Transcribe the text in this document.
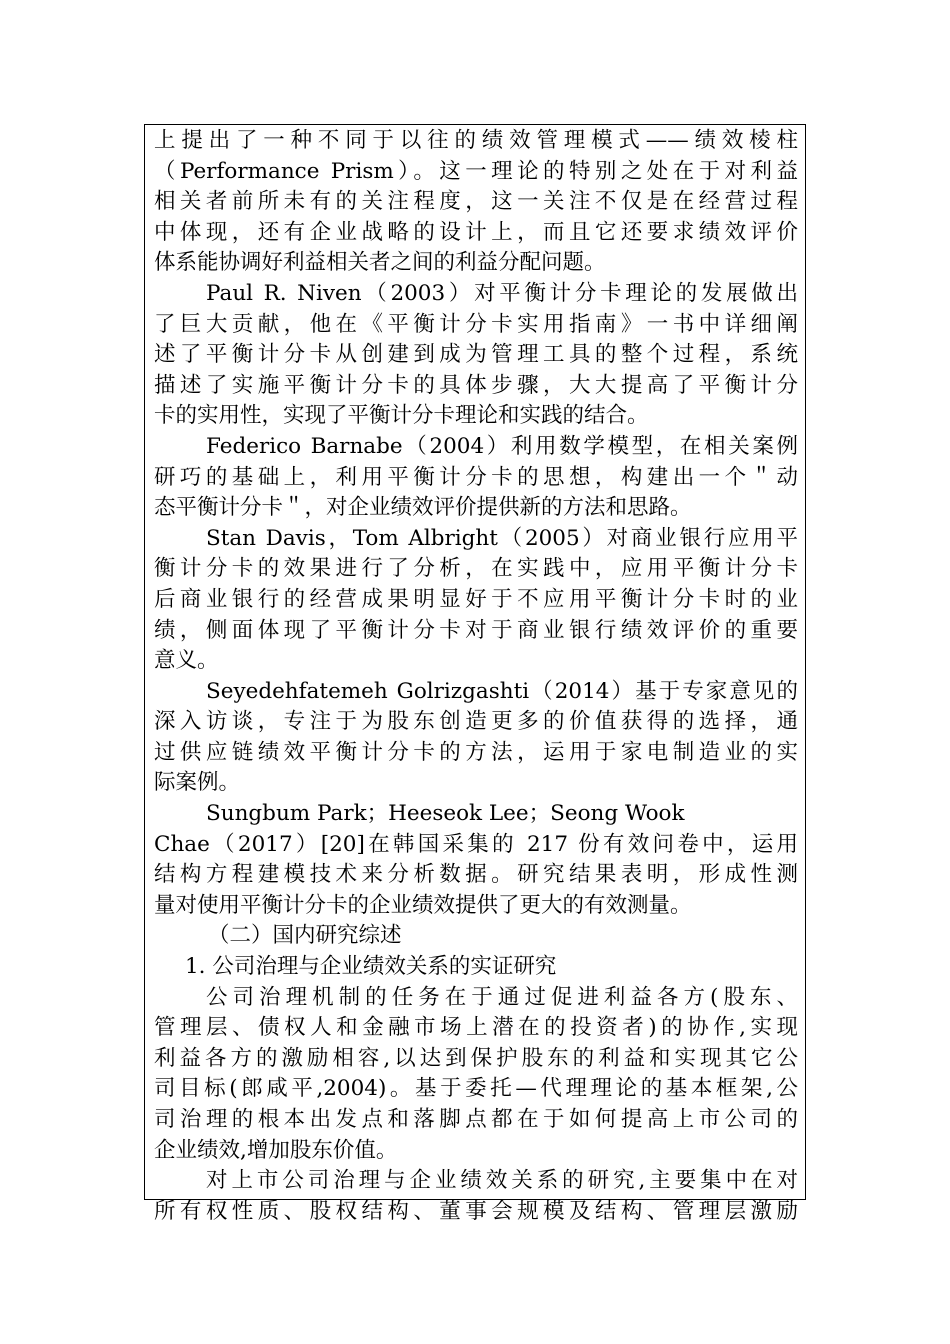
上提出了一种不同于以往的绩效管理模式——绩效棱柱
（Performance Prism）。这一理论的特别之处在于对利益
相关者前所未有的关注程度，这一关注不仅是在经营过程
中体现，还有企业战略的设计上，而且它还要求绩效评价
体系能协调好利益相关者之间的利益分配问题。
Paul R. Niven（2003）对平衡计分卡理论的发展做出
了巨大贡献，他在《平衡计分卡实用指南》一书中详细阐
述了平衡计分卡从创建到成为管理工具的整个过程，系统
描述了实施平衡计分卡的具体步骤，大大提高了平衡计分
卡的实用性，实现了平衡计分卡理论和实践的结合。
Federico Barnabe（2004）利用数学模型，在相关案例
研巧的基础上，利用平衡计分卡的思想，构建出一个＂动
态平衡计分卡＂，对企业绩效评价提供新的方法和思路。
Stan Davis，Tom Albright（2005）对商业银行应用平
衡计分卡的效果进行了分析，在实践中，应用平衡计分卡
后商业银行的经营成果明显好于不应用平衡计分卡时的业
绩，侧面体现了平衡计分卡对于商业银行绩效评价的重要
意义。
Seyedehfatemeh Golrizgashti（2014）基于专家意见的
深入访谈，专注于为股东创造更多的价值获得的选择，通
过供应链绩效平衡计分卡的方法，运用于家电制造业的实
际案例。
Sungbum Park；Heeseok Lee；Seong Wook
Chae（2017）[20]在韩国采集的 217 份有效问卷中，运用
结构方程建模技术来分析数据。研究结果表明，形成性测
量对使用平衡计分卡的企业绩效提供了更大的有效测量。
（二）国内研究综述
1. 公司治理与企业绩效关系的实证研究
公司治理机制的任务在于通过促进利益各方(股东、
管理层、债权人和金融市场上潜在的投资者)的协作,实现
利益各方的激励相容,以达到保护股东的利益和实现其它公
司目标(郎咸平,2004)。基于委托—代理理论的基本框架,公
司治理的根本出发点和落脚点都在于如何提高上市公司的
企业绩效,增加股东价值。
对上市公司治理与企业绩效关系的研究,主要集中在对
所有权性质、股权结构、董事会规模及结构、管理层激励
